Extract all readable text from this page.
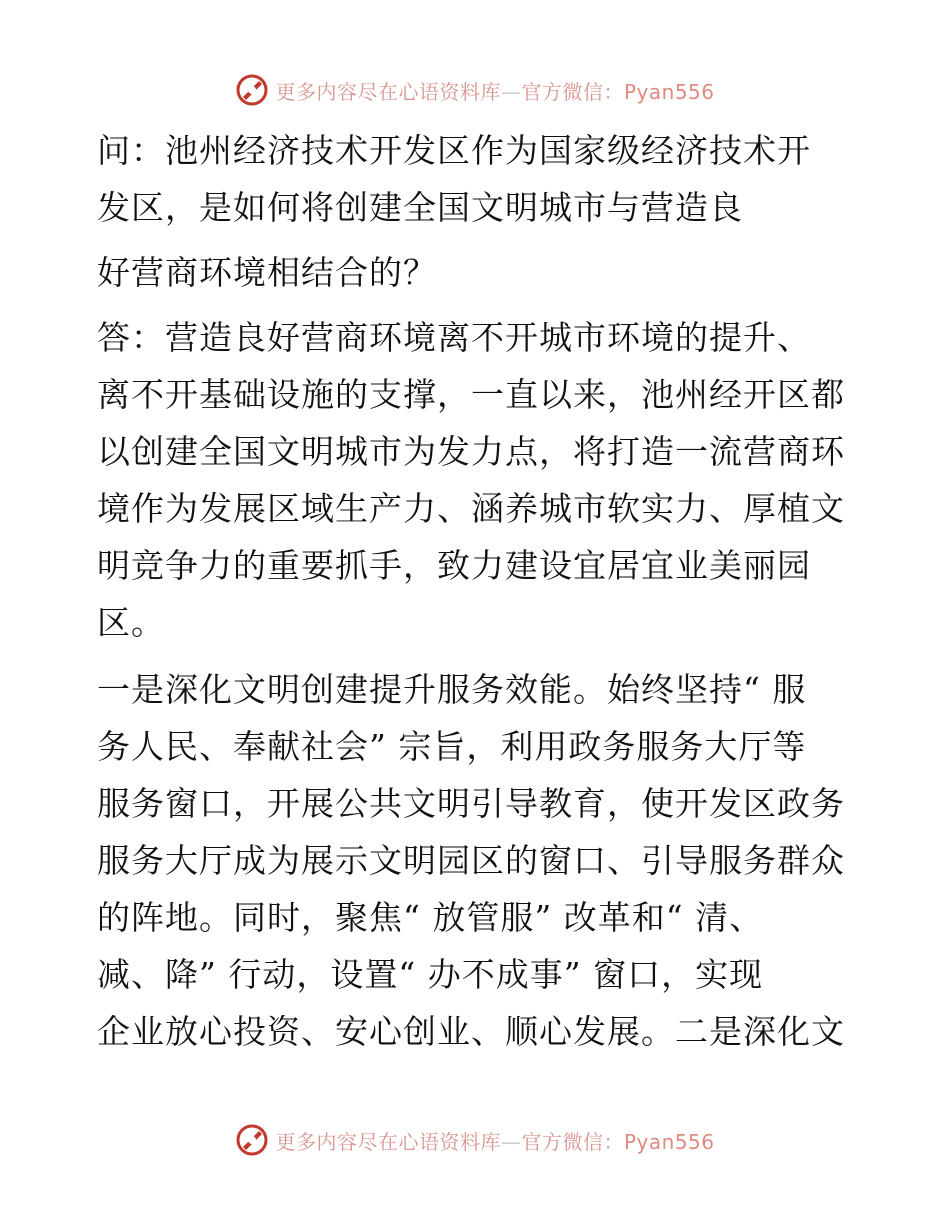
更多内容尽在心语资料库—官方微信：Pyan556

问：池州经济技术开发区作为国家级经济技术开

发区，是如何将创建全国文明城市与营造良

好营商环境相结合的？

答：营造良好营商环境离不开城市环境的提升、

离不开基础设施的支撑，一直以来，池州经开区都

以创建全国文明城市为发力点，将打造一流营商环

境作为发展区域生产力、涵养城市软实力、厚植文

明竞争力的重要抓手，致力建设宜居宜业美丽园

区。

一是深化文明创建提升服务效能。始终坚持“ 服

务人民、奉献社会” 宗旨，利用政务服务大厅等

服务窗口，开展公共文明引导教育，使开发区政务

服务大厅成为展示文明园区的窗口、引导服务群众

的阵地。同时，聚焦“ 放管服” 改革和“ 清、

减、降” 行动，设置“ 办不成事” 窗口，实现

企业放心投资、安心创业、顺心发展。二是深化文

更多内容尽在心语资料库—官方微信：Pyan556
